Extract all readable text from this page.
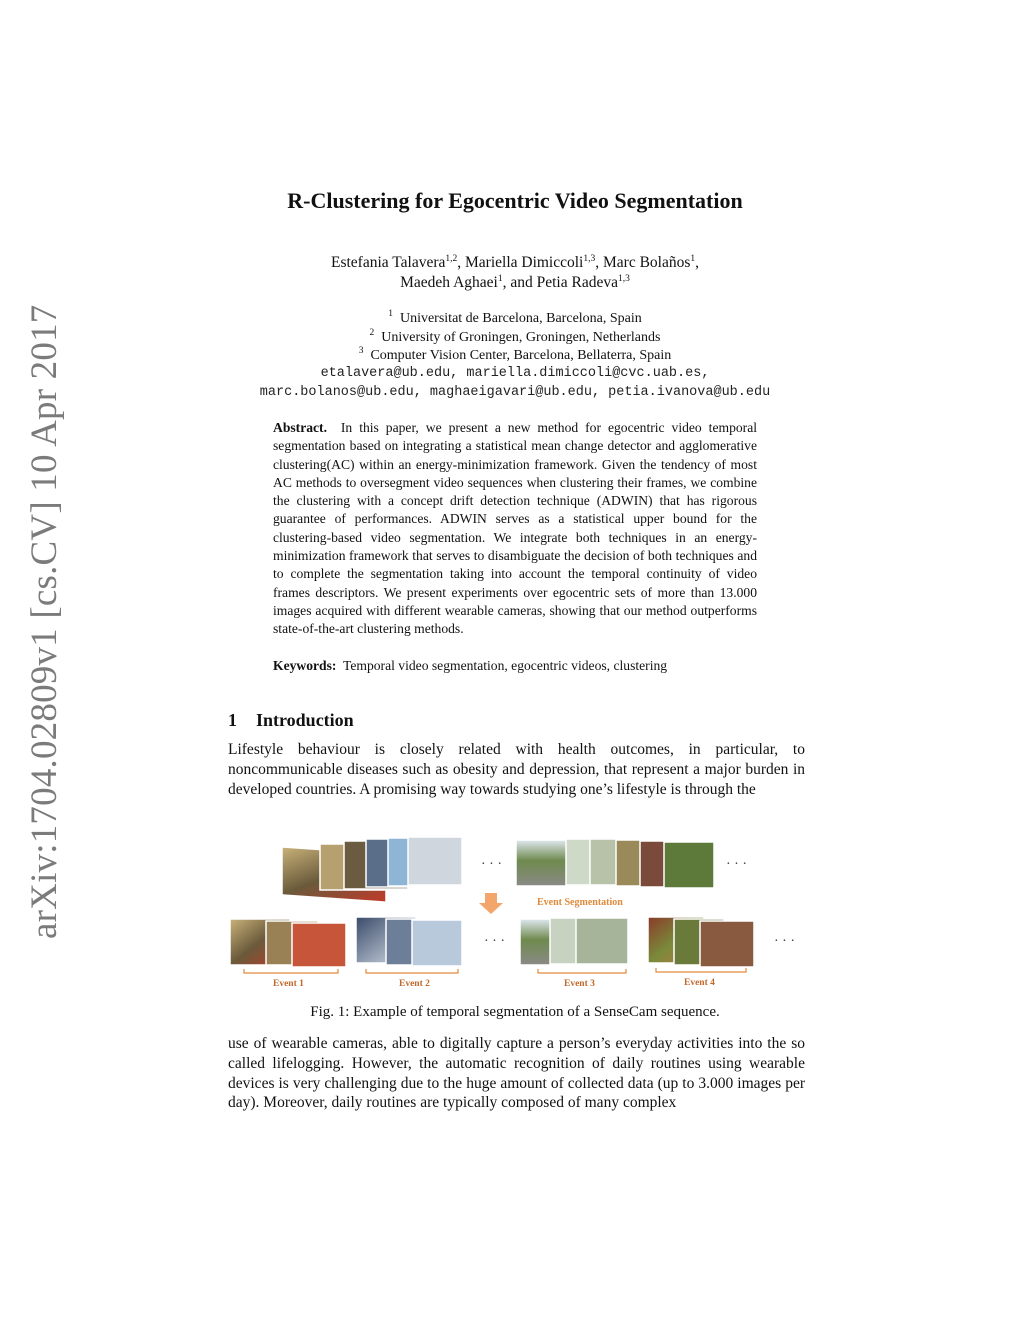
arXiv:1704.02809v1 [cs.CV] 10 Apr 2017
R-Clustering for Egocentric Video Segmentation
Estefania Talavera$^{1,2}$, Mariella Dimiccoli$^{1,3}$, Marc Bolaños$^1$,
Maedeh Aghaei$^1$, and Petia Radeva$^{1,3}$
$^1$ Universitat de Barcelona, Barcelona, Spain
$^2$ University of Groningen, Groningen, Netherlands
$^3$ Computer Vision Center, Barcelona, Bellaterra, Spain
etalavera@ub.edu, mariella.dimiccoli@cvc.uab.es,
marc.bolanos@ub.edu, maghaeigavari@ub.edu, petia.ivanova@ub.edu
Abstract. In this paper, we present a new method for egocentric video temporal segmentation based on integrating a statistical mean change detector and agglomerative clustering(AC) within an energy-minimization framework. Given the tendency of most AC methods to oversegment video sequences when clustering their frames, we combine the clustering with a concept drift detection technique (ADWIN) that has rigorous guarantee of performances. ADWIN serves as a statistical upper bound for the clustering-based video segmentation. We integrate both techniques in an energy-minimization framework that serves to disambiguate the decision of both techniques and to complete the segmentation taking into account the temporal continuity of video frames descriptors. We present experiments over egocentric sets of more than 13.000 images acquired with different wearable cameras, showing that our method outperforms state-of-the-art clustering methods.
Keywords: Temporal video segmentation, egocentric videos, clustering
1 Introduction
Lifestyle behaviour is closely related with health outcomes, in particular, to noncommunicable diseases such as obesity and depression, that represent a major burden in developed countries. A promising way towards studying one’s lifestyle is through the
· · ·	· · ·
Event Segmentation
· · ·	· · ·
Event 1	Event 2	Event 3	Event 4
Fig. 1: Example of temporal segmentation of a SenseCam sequence.
use of wearable cameras, able to digitally capture a person’s everyday activities into the so called lifelogging. However, the automatic recognition of daily routines using wearable devices is very challenging due to the huge amount of collected data (up to 3.000 images per day). Moreover, daily routines are typically composed of many complex
